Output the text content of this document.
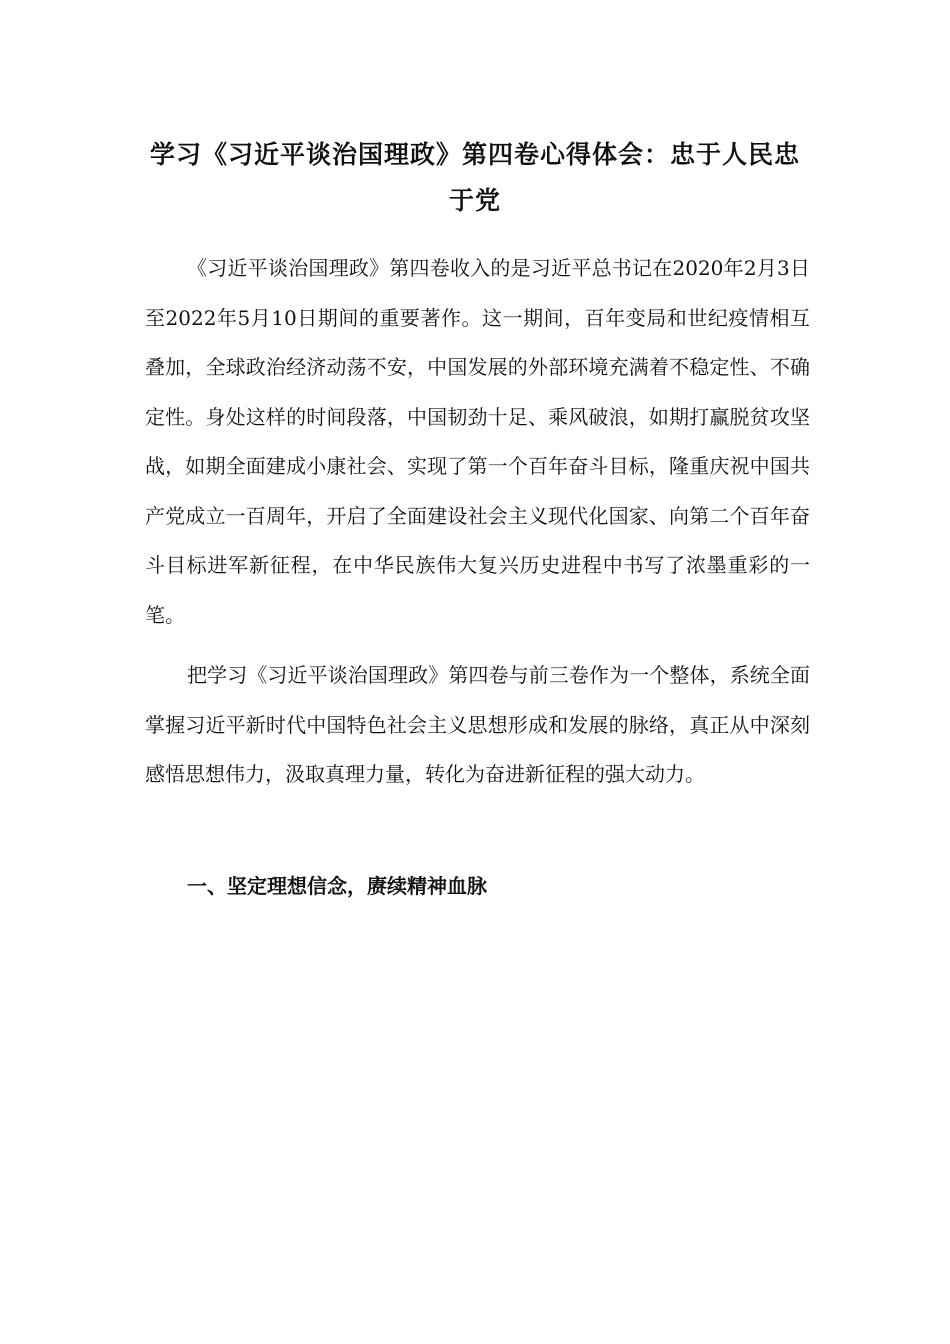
学习《习近平谈治国理政》第四卷心得体会：忠于人民忠于党

《习近平谈治国理政》第四卷收入的是习近平总书记在2020年2月3日至2022年5月10日期间的重要著作。这一期间，百年变局和世纪疫情相互叠加，全球政治经济动荡不安，中国发展的外部环境充满着不稳定性、不确定性。身处这样的时间段落，中国韧劲十足、乘风破浪，如期打赢脱贫攻坚战，如期全面建成小康社会、实现了第一个百年奋斗目标，隆重庆祝中国共产党成立一百周年，开启了全面建设社会主义现代化国家、向第二个百年奋斗目标进军新征程，在中华民族伟大复兴历史进程中书写了浓墨重彩的一笔。

把学习《习近平谈治国理政》第四卷与前三卷作为一个整体，系统全面掌握习近平新时代中国特色社会主义思想形成和发展的脉络，真正从中深刻感悟思想伟力，汲取真理力量，转化为奋进新征程的强大动力。

一、坚定理想信念，赓续精神血脉
